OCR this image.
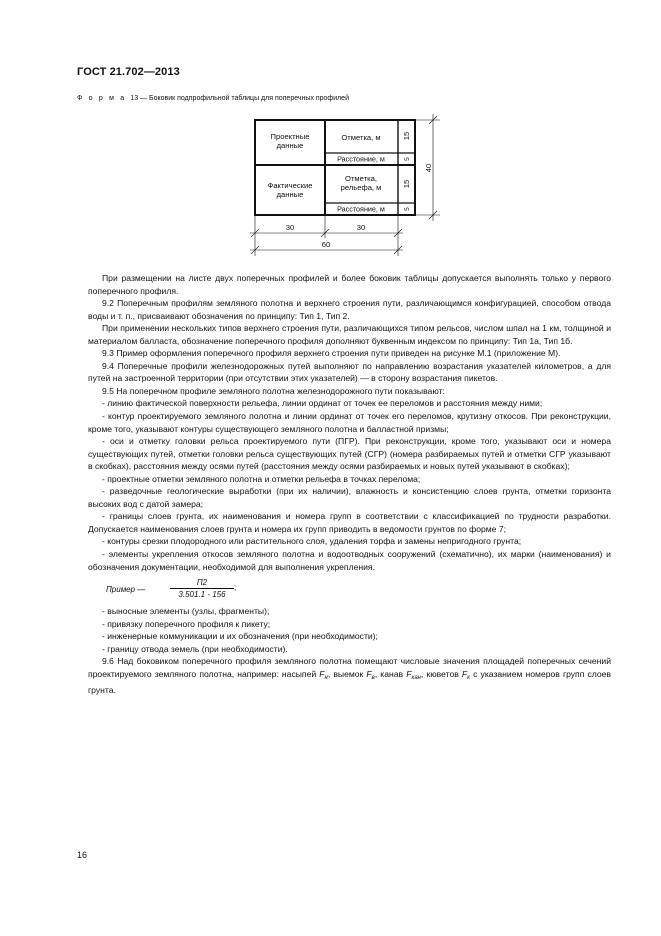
ГОСТ 21.702—2013
Ф о р м а 13 — Боковик подпрофильной таблицы для поперечных профилей
Проектные
данные
Фактические
данные
Отметка, м
Расстояние, м
Отметка,
рельефа, м
Расстояние, м
30	30
60
15
5
15
5
40

При размещении на листе двух поперечных профилей и более боковик таблицы допускается выполнять только у первого поперечного профиля.

9.2 Поперечным профилям земляного полотна и верхнего строения пути, различающимся конфигурацией, способом отвода воды и т. п., присваивают обозначения по принципу: Тип 1, Тип 2.

При применении нескольких типов верхнего строения пути, различающихся типом рельсов, числом шпал на 1 км, толщиной и материалом балласта, обозначение поперечного профиля дополняют буквенным индексом по принципу: Тип 1а, Тип 1б.

9.3 Пример оформления поперечного профиля верхнего строения пути приведен на рисунке М.1 (приложение М).

9.4 Поперечные профили железнодорожных путей выполняют по направлению возрастания указателей километров, а для путей на застроенной территории (при отсутствии этих указателей) — в сторону возрастания пикетов.

9.5 На поперечном профиле земляного полотна железнодорожного пути показывают:

- линию фактической поверхности рельефа, линии ординат от точек ее переломов и расстояния между ними;

- контур проектируемого земляного полотна и линии ординат от точек его переломов, крутизну откосов. При реконструкции, кроме того, указывают контуры существующего земляного полотна и балластной призмы;

- оси и отметку головки рельса проектируемого пути (ПГР). При реконструкции, кроме того, указывают оси и номера существующих путей, отметки головки рельса существующих путей (СГР) (номера разбираемых путей и отметки СГР указывают в скобках), расстояния между осями путей (расстояния между осями разбираемых и новых путей указывают в скобках);

- проектные отметки земляного полотна и отметки рельефа в точках перелома;

- разведочные геологические выработки (при их наличии), влажность и консистенцию слоев грунта, отметки горизонта высоких вод с датой замера;

- границы слоев грунта, их наименования и номера групп в соответствии с классификацией по трудности разработки. Допускается наименования слоев грунта и номера их групп приводить в ведомости грунтов по форме 7;

- контуры срезки плодородного или растительного слоя, удаления торфа и замены непригодного грунта;

- элементы укрепления откосов земляного полотна и водоотводных сооружений (схематично), их марки (наименования) и обозначения документации, необходимой для выполнения укрепления.

Пример —
П2
3.501.1 - 156
;

- выносные элементы (узлы, фрагменты);

- привязку поперечного профиля к пикету;

- инженерные коммуникации и их обозначения (при необходимости);

- границу отвода земель (при необходимости).

9.6 Над боковиком поперечного профиля земляного полотна помещают числовые значения площадей поперечных сечений проектируемого земляного полотна, например: насыпей $F_н$, выемок $F_в$, канав $F_{кан}$, кюветов $F_к$ с указанием номеров групп слоев грунта.

16
